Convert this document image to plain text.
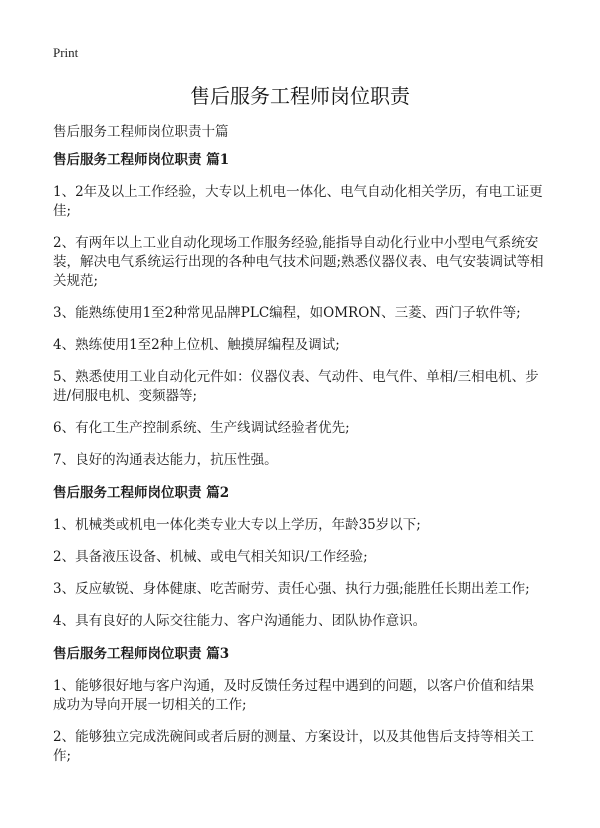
Print
售后服务工程师岗位职责

售后服务工程师岗位职责十篇

售后服务工程师岗位职责 篇1

1、2年及以上工作经验，大专以上机电一体化、电气自动化相关学历，有电工证更佳;

2、有两年以上工业自动化现场工作服务经验,能指导自动化行业中小型电气系统安装，解决电气系统运行出现的各种电气技术问题;熟悉仪器仪表、电气安装调试等相关规范;

3、能熟练使用1至2种常见品牌PLC编程，如OMRON、三菱、西门子软件等;

4、熟练使用1至2种上位机、触摸屏编程及调试;

5、熟悉使用工业自动化元件如：仪器仪表、气动件、电气件、单相/三相电机、步进/伺服电机、变频器等;

6、有化工生产控制系统、生产线调试经验者优先;

7、良好的沟通表达能力，抗压性强。

售后服务工程师岗位职责 篇2

1、机械类或机电一体化类专业大专以上学历，年龄35岁以下;

2、具备液压设备、机械、或电气相关知识/工作经验;

3、反应敏锐、身体健康、吃苦耐劳、责任心强、执行力强;能胜任长期出差工作;

4、具有良好的人际交往能力、客户沟通能力、团队协作意识。

售后服务工程师岗位职责 篇3

1、能够很好地与客户沟通，及时反馈任务过程中遇到的问题，以客户价值和结果成功为导向开展一切相关的工作;

2、能够独立完成洗碗间或者后厨的测量、方案设计，以及其他售后支持等相关工作;
